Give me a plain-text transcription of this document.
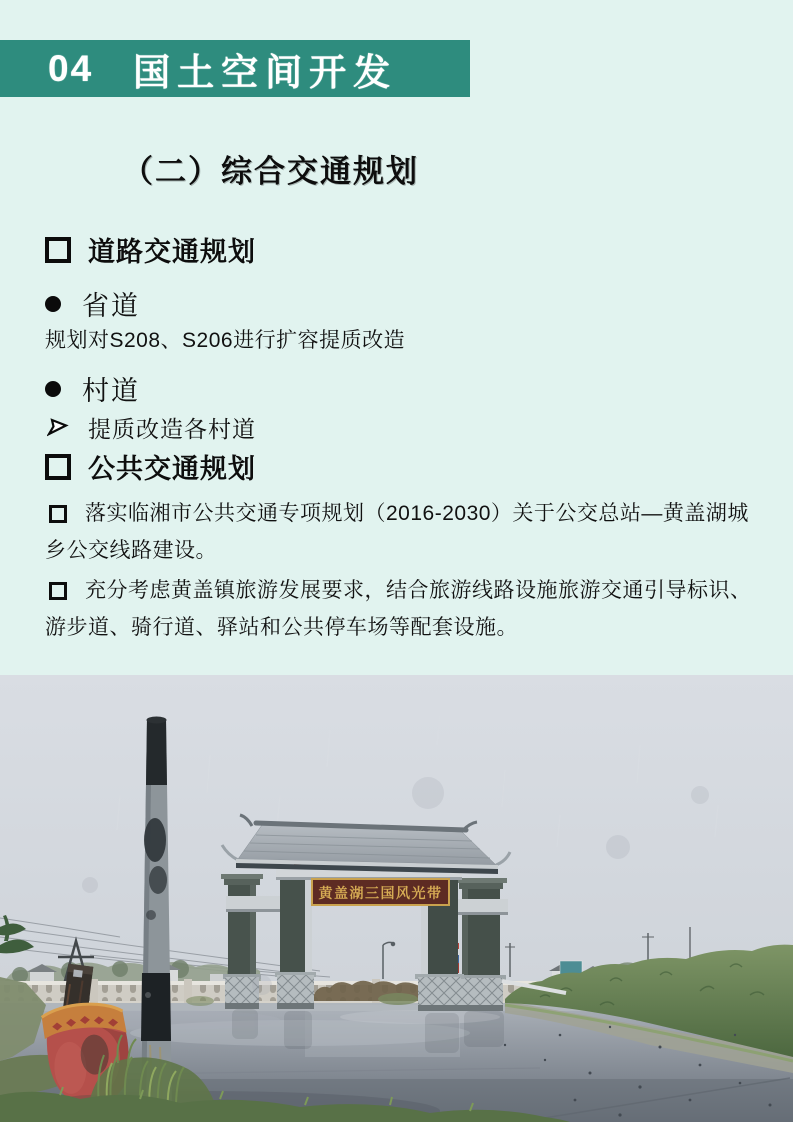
04 国土空间开发
（二）综合交通规划
道路交通规划
省道
规划对S208、S206进行扩容提质改造
村道
提质改造各村道
公共交通规划
落实临湘市公共交通专项规划（2016-2030）关于公交总站—黄盖湖城乡公交线路建设。
充分考虑黄盖镇旅游发展要求，结合旅游线路设施旅游交通引导标识、游步道、骑行道、驿站和公共停车场等配套设施。
黄盖湖三国风光带
